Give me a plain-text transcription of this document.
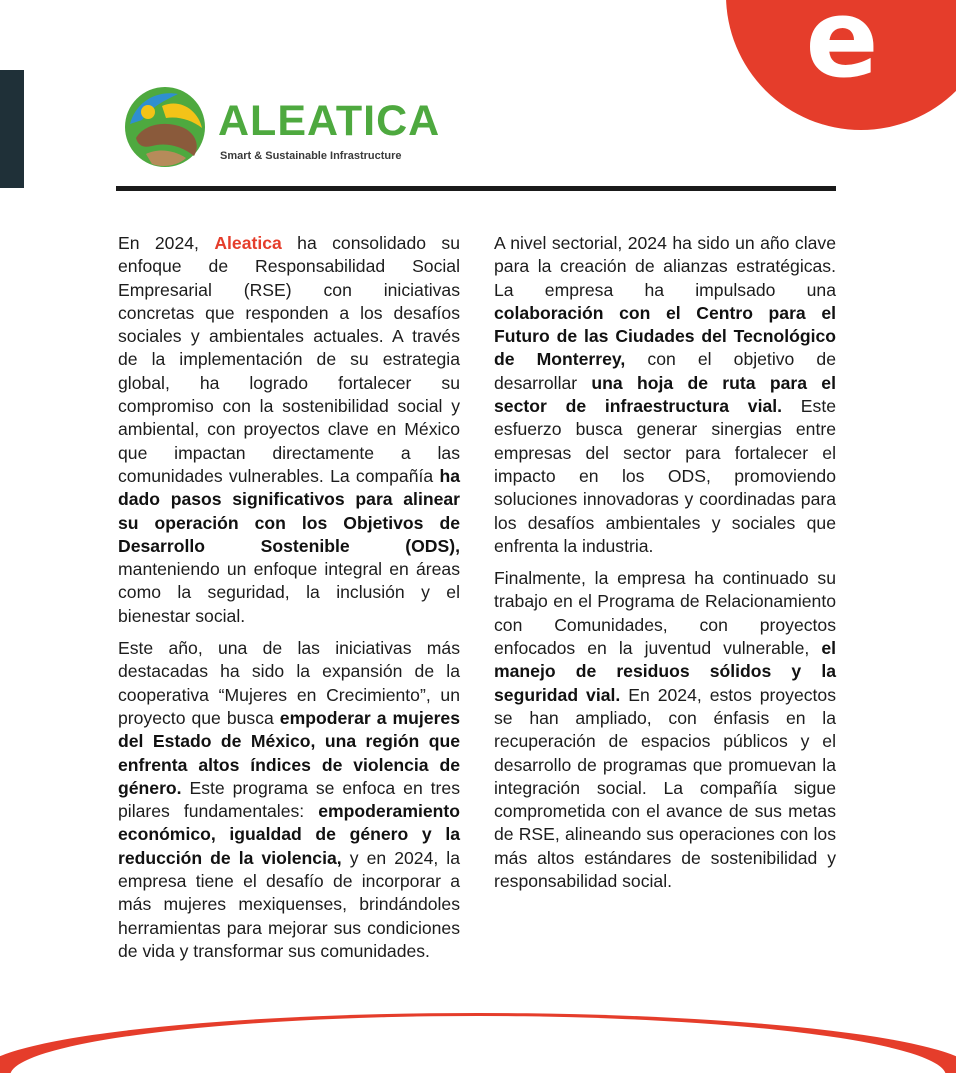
e
ALEATICA
Smart & Sustainable Infrastructure

En 2024, Aleatica ha consolidado su enfoque de Responsabilidad Social Empresarial (RSE) con iniciativas concretas que responden a los desafíos sociales y ambientales actuales. A través de la implementación de su estrategia global, ha logrado fortalecer su compromiso con la sostenibilidad social y ambiental, con proyectos clave en México que impactan directamente a las comunidades vulnerables. La compañía ha dado pasos significativos para alinear su operación con los Objetivos de Desarrollo Sostenible (ODS), manteniendo un enfoque integral en áreas como la seguridad, la inclusión y el bienestar social.

Este año, una de las iniciativas más destacadas ha sido la expansión de la cooperativa “Mujeres en Crecimiento”, un proyecto que busca empoderar a mujeres del Estado de México, una región que enfrenta altos índices de violencia de género. Este programa se enfoca en tres pilares fundamentales: empoderamiento económico, igualdad de género y la reducción de la violencia, y en 2024, la empresa tiene el desafío de incorporar a más mujeres mexiquenses, brindándoles herramientas para mejorar sus condiciones de vida y transformar sus comunidades.

A nivel sectorial, 2024 ha sido un año clave para la creación de alianzas estratégicas. La empresa ha impulsado una colaboración con el Centro para el Futuro de las Ciudades del Tecnológico de Monterrey, con el objetivo de desarrollar una hoja de ruta para el sector de infraestructura vial. Este esfuerzo busca generar sinergias entre empresas del sector para fortalecer el impacto en los ODS, promoviendo soluciones innovadoras y coordinadas para los desafíos ambientales y sociales que enfrenta la industria.

Finalmente, la empresa ha continuado su trabajo en el Programa de Relacionamiento con Comunidades, con proyectos enfocados en la juventud vulnerable, el manejo de residuos sólidos y la seguridad vial. En 2024, estos proyectos se han ampliado, con énfasis en la recuperación de espacios públicos y el desarrollo de programas que promuevan la integración social. La compañía sigue comprometida con el avance de sus metas de RSE, alineando sus operaciones con los más altos estándares de sostenibilidad y responsabilidad social.
